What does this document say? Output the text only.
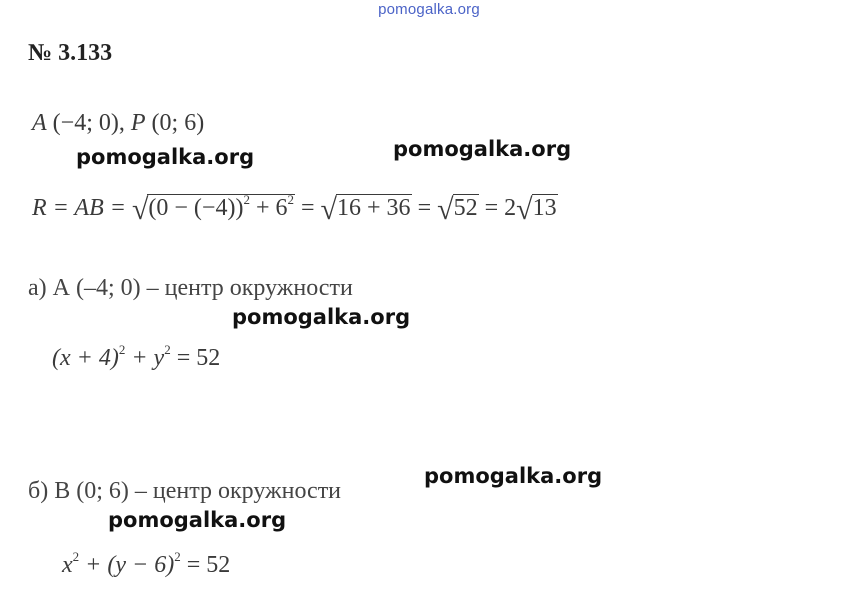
pomogalka.org
№ 3.133
A (−4; 0), P (0; 6)
pomogalka.org	pomogalka.org
R = AB = $√(0 - (-4))^2 + 6^2 = √16 + 36 = √52 = 2√13$
а) А (–4; 0) – центр окружности
pomogalka.org
$(x + 4)^2 + y^2 = 52$
б) В (0; 6) – центр окружности
pomogalka.org
pomogalka.org
$x^2 + (y - 6)^2 = 52$
